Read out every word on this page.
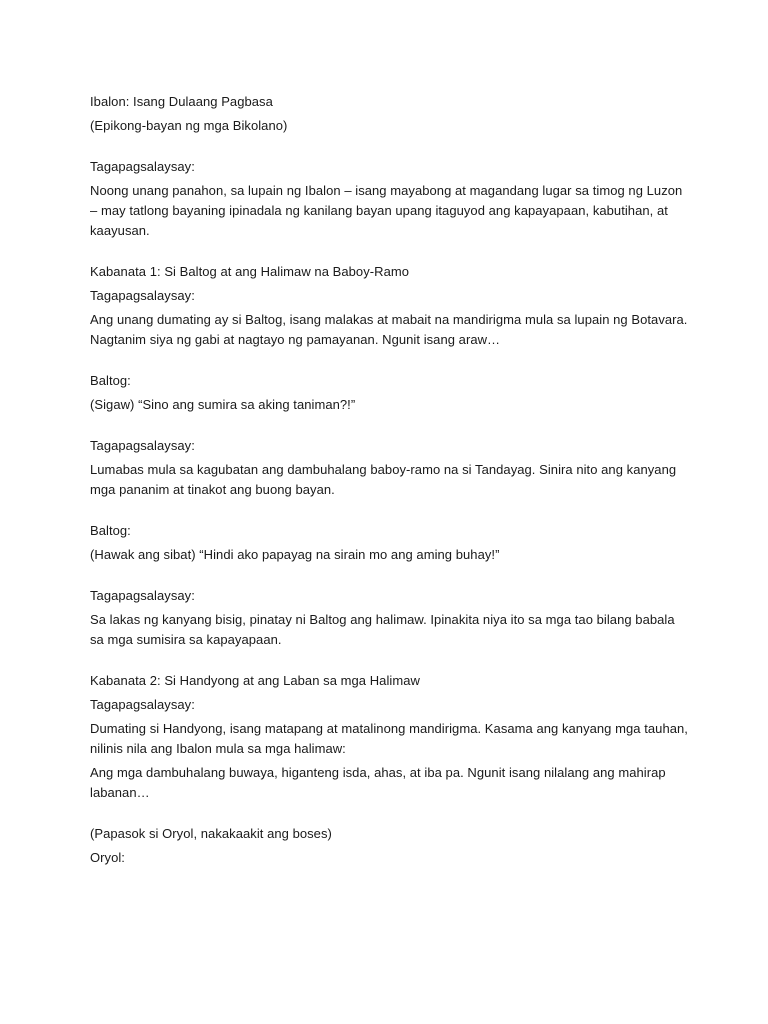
Ibalon: Isang Dulaang Pagbasa

(Epikong-bayan ng mga Bikolano)

Tagapagsalaysay:

Noong unang panahon, sa lupain ng Ibalon – isang mayabong at magandang lugar sa timog ng Luzon – may tatlong bayaning ipinadala ng kanilang bayan upang itaguyod ang kapayapaan, kabutihan, at kaayusan.

Kabanata 1: Si Baltog at ang Halimaw na Baboy-Ramo

Tagapagsalaysay:

Ang unang dumating ay si Baltog, isang malakas at mabait na mandirigma mula sa lupain ng Botavara. Nagtanim siya ng gabi at nagtayo ng pamayanan. Ngunit isang araw…

Baltog:

(Sigaw) “Sino ang sumira sa aking taniman?!”

Tagapagsalaysay:

Lumabas mula sa kagubatan ang dambuhalang baboy-ramo na si Tandayag. Sinira nito ang kanyang mga pananim at tinakot ang buong bayan.

Baltog:

(Hawak ang sibat) “Hindi ako papayag na sirain mo ang aming buhay!”

Tagapagsalaysay:

Sa lakas ng kanyang bisig, pinatay ni Baltog ang halimaw. Ipinakita niya ito sa mga tao bilang babala sa mga sumisira sa kapayapaan.

Kabanata 2: Si Handyong at ang Laban sa mga Halimaw

Tagapagsalaysay:

Dumating si Handyong, isang matapang at matalinong mandirigma. Kasama ang kanyang mga tauhan, nilinis nila ang Ibalon mula sa mga halimaw:

Ang mga dambuhalang buwaya, higanteng isda, ahas, at iba pa. Ngunit isang nilalang ang mahirap labanan…

(Papasok si Oryol, nakakaakit ang boses)

Oryol:
